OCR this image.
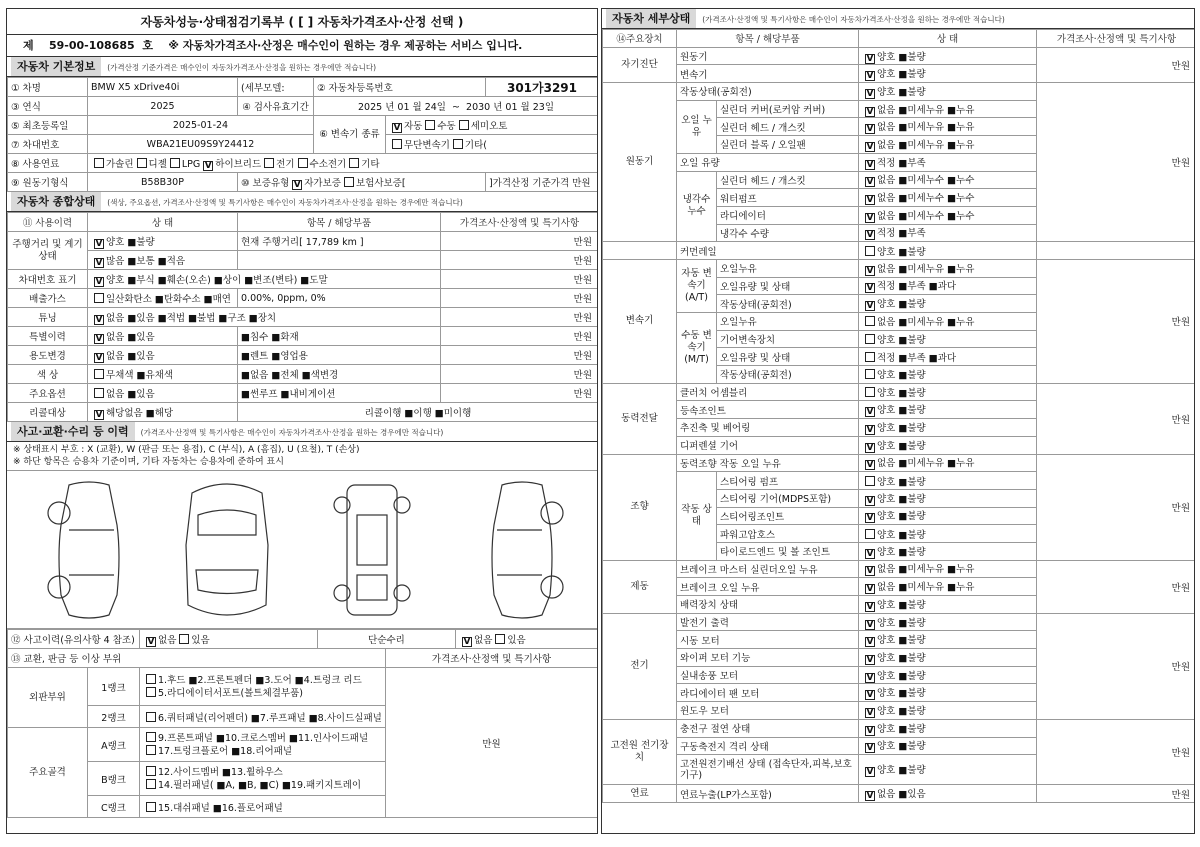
자동차성능·상태점검기록부 ( [ ] 자동차가격조사·산정 선택 )
제 59-00-108685 호 ※ 자동차가격조사·산정은 매수인이 원하는 경우 제공하는 서비스 입니다.
자동차 기본정보 (가격산정 기준가격은 매수인이 자동차가격조사·산정을 원하는 경우에만 적습니다)
① 차명	BMW X5 xDrive40i	(세부모델:	② 자동차등록번호		301가3291
③ 연식	2025	④ 검사유효기간	2025 년 01 월 24일 ~ 2030 년 01 월 23일		
⑤ 최초등록일	2025-01-24		⑥ 변속기 종류	V 자동 수동 세미오토	
⑦ 차대번호	WBA21EU09S9Y24412			무단변속기 기타(	
⑧ 사용연료	가솔린 디젤 LPG V 하이브리드 전기 수소전기 기타				
⑨ 원동기형식	B58B30P	⑩ 보증유형 V 자가보증 보험사보증[			]가격산정 기준가격 만원
자동차 종합상태 (색상, 주요옵션, 가격조사·산정액 및 특기사항은 매수인이 자동차가격조사·산정을 원하는 경우에만 적습니다)
⑪ 사용이력	상 태	항목 / 해당부품	가격조사·산정액 및 특기사항
주행거리 및 계기상태	V 양호 ■불량	현재 주행거리[ 17,789 km ]	만원
	V 많음 ■보통 ■적음		만원
차대번호 표기	V 양호 ■부식 ■훼손(오손) ■상이 ■변조(변타) ■도말		만원
배출가스	일산화탄소 ■탄화수소 ■매연	0.00%, 0ppm, 0%	만원
튜닝	V 없음 ■있음 ■적법 ■불법 ■구조 ■장치		만원
특별이력	V 없음 ■있음	■침수 ■화재	만원
용도변경	V 없음 ■있음	■렌트 ■영업용	만원
색 상	무채색 ■유채색	■없음 ■전체 ■색변경	만원
주요옵션	없음 ■있음	■썬루프 ■내비게이션	만원
리콜대상	V 해당없음 ■해당	리콜이행 ■이행 ■미이행	
사고·교환·수리 등 이력 (가격조사·산정액 및 특기사항은 매수인이 자동차가격조사·산정을 원하는 경우에만 적습니다)
※ 상태표시 부호 : X (교환), W (판금 또는 용접), C (부식), A (흠집), U (요철), T (손상)
※ 하단 항목은 승용차 기준이며, 기타 자동차는 승용차에 준하여 표시
⑫ 사고이력(유의사항 4 참조)		V 없음 있음	단순수리		V 없음 있음
⑬ 교환, 판금 등 이상 부위				가격조사·산정액 및 특기사항	
외판부위	1랭크	1.후드 ■2.프론트펜더 ■3.도어 ■4.트렁크 리드
5.라디에이터서포트(볼트체결부품)		만원	
	2랭크	6.쿼터패널(리어펜더) ■7.루프패널 ■8.사이드실패널			
주요골격	A랭크	9.프론트패널 ■10.크로스멤버 ■11.인사이드패널
17.트렁크플로어 ■18.리어패널			
	B랭크	12.사이드멤버 ■13.휠하우스
14.필러패널( ■A, ■B, ■C) ■19.패키지트레이			
	C랭크	15.대쉬패널 ■16.플로어패널			
자동차 세부상태 (가격조사·산정액 및 특기사항은 매수인이 자동차가격조사·산정을 원하는 경우에만 적습니다)
⑭주요장치	항목 / 해당부품		상 태	가격조사·산정액 및 특기사항
자기진단	원동기		V 양호 ■불량	만원
	변속기		V 양호 ■불량	
원동기	작동상태(공회전)		V 양호 ■불량	만원
	오일 누유	실린더 커버(로커암 커버)	V 없음 ■미세누유 ■누유	
		실린더 헤드 / 개스킷	V 없음 ■미세누유 ■누유	
		실린더 블록 / 오일팬	V 없음 ■미세누유 ■누유	
	오일 유량		V 적정 ■부족	
	냉각수 누수	실린더 헤드 / 개스킷	V 없음 ■미세누수 ■누수	
		워터펌프	V 없음 ■미세누수 ■누수	
		라디에이터	V 없음 ■미세누수 ■누수	
		냉각수 수량	V 적정 ■부족	
	커먼레일		양호 ■불량	
변속기	자동 변속기 (A/T)	오일누유	V 없음 ■미세누유 ■누유	만원
		오일유량 및 상태	V 적정 ■부족 ■과다	
		작동상태(공회전)	V 양호 ■불량	
	수동 변속기 (M/T)	오일누유	없음 ■미세누유 ■누유	
		기어변속장치	양호 ■불량	
		오일유량 및 상태	적정 ■부족 ■과다	
		작동상태(공회전)	양호 ■불량	
동력전달	클러치 어셈블리		양호 ■불량	만원
	등속조인트		V 양호 ■불량	
	추진축 및 베어링		V 양호 ■불량	
	디퍼렌셜 기어		V 양호 ■불량	
조향	동력조향 작동 오일 누유		V 없음 ■미세누유 ■누유	만원
	작동 상태	스티어링 펌프	양호 ■불량	
		스티어링 기어(MDPS포함)	V 양호 ■불량	
		스티어링조인트	V 양호 ■불량	
		파워고압호스	양호 ■불량	
		타이로드엔드 및 볼 조인트	V 양호 ■불량	
제동	브레이크 마스터 실린더오일 누유		V 없음 ■미세누유 ■누유	만원
	브레이크 오일 누유		V 없음 ■미세누유 ■누유	
	배력장치 상태		V 양호 ■불량	
전기	발전기 출력		V 양호 ■불량	만원
	시동 모터		V 양호 ■불량	
	와이퍼 모터 기능		V 양호 ■불량	
	실내송풍 모터		V 양호 ■불량	
	라디에이터 팬 모터		V 양호 ■불량	
	윈도우 모터		V 양호 ■불량	
고전원 전기장치	충전구 절연 상태		V 양호 ■불량	만원
	구동축전지 격리 상태		V 양호 ■불량	
	고전원전기배선 상태 (접속단자,피복,보호기구)		V 양호 ■불량	
연료	연료누출(LP가스포함)		V 없음 ■있음	만원
